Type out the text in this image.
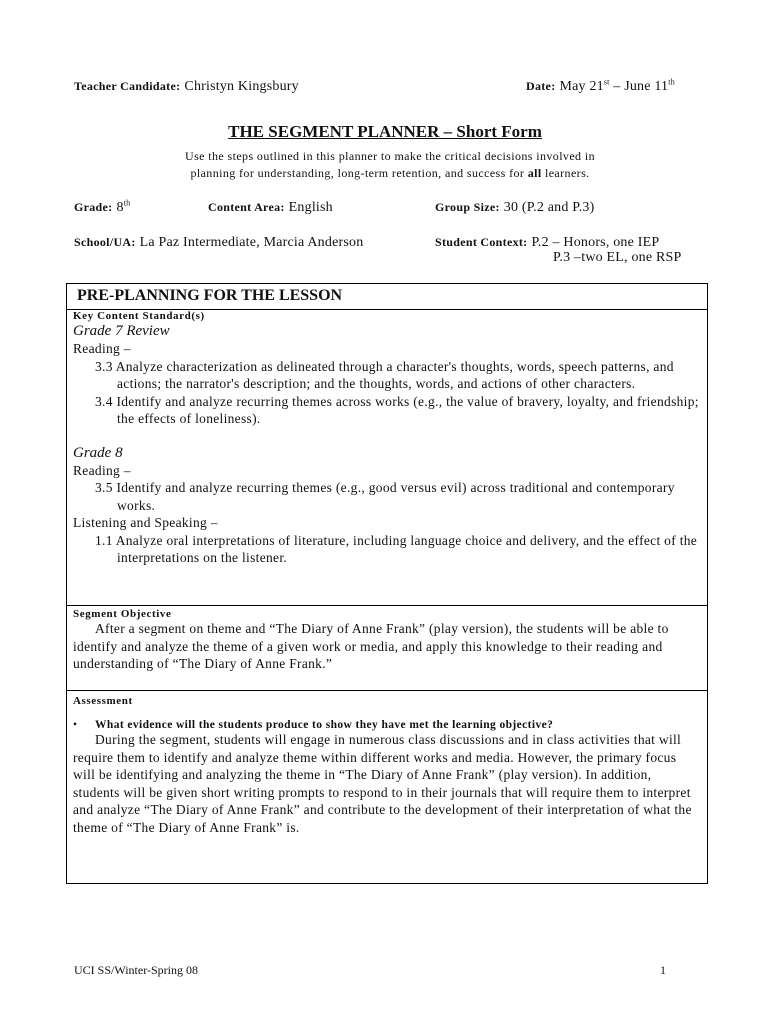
Teacher Candidate: Christyn Kingsbury	Date: May 21st – June 11th
THE SEGMENT PLANNER – Short Form
Use the steps outlined in this planner to make the critical decisions involved in
planning for understanding, long-term retention, and success for all learners.
Grade: 8th	Content Area: English	Group Size: 30 (P.2 and P.3)
School/UA: La Paz Intermediate, Marcia Anderson	Student Context: P.2 – Honors, one IEP
P.3 –two EL, one RSP
PRE-PLANNING FOR THE LESSON
Key Content Standard(s)
Grade 7 Review
Reading –
3.3 Analyze characterization as delineated through a character's thoughts, words, speech patterns, and actions; the narrator's description; and the thoughts, words, and actions of other characters.
3.4 Identify and analyze recurring themes across works (e.g., the value of bravery, loyalty, and friendship; the effects of loneliness).
Grade 8
Reading –
3.5 Identify and analyze recurring themes (e.g., good versus evil) across traditional and contemporary works.
Listening and Speaking –
1.1 Analyze oral interpretations of literature, including language choice and delivery, and the effect of the interpretations on the listener.
Segment Objective
After a segment on theme and “The Diary of Anne Frank” (play version), the students will be able to identify and analyze the theme of a given work or media, and apply this knowledge to their reading and understanding of “The Diary of Anne Frank.”
Assessment
•	What evidence will the students produce to show they have met the learning objective?
During the segment, students will engage in numerous class discussions and in class activities that will require them to identify and analyze theme within different works and media. However, the primary focus will be identifying and analyzing the theme in “The Diary of Anne Frank” (play version). In addition, students will be given short writing prompts to respond to in their journals that will require them to interpret and analyze “The Diary of Anne Frank” and contribute to the development of their interpretation of what the theme of “The Diary of Anne Frank” is.
UCI SS/Winter-Spring 08	1
